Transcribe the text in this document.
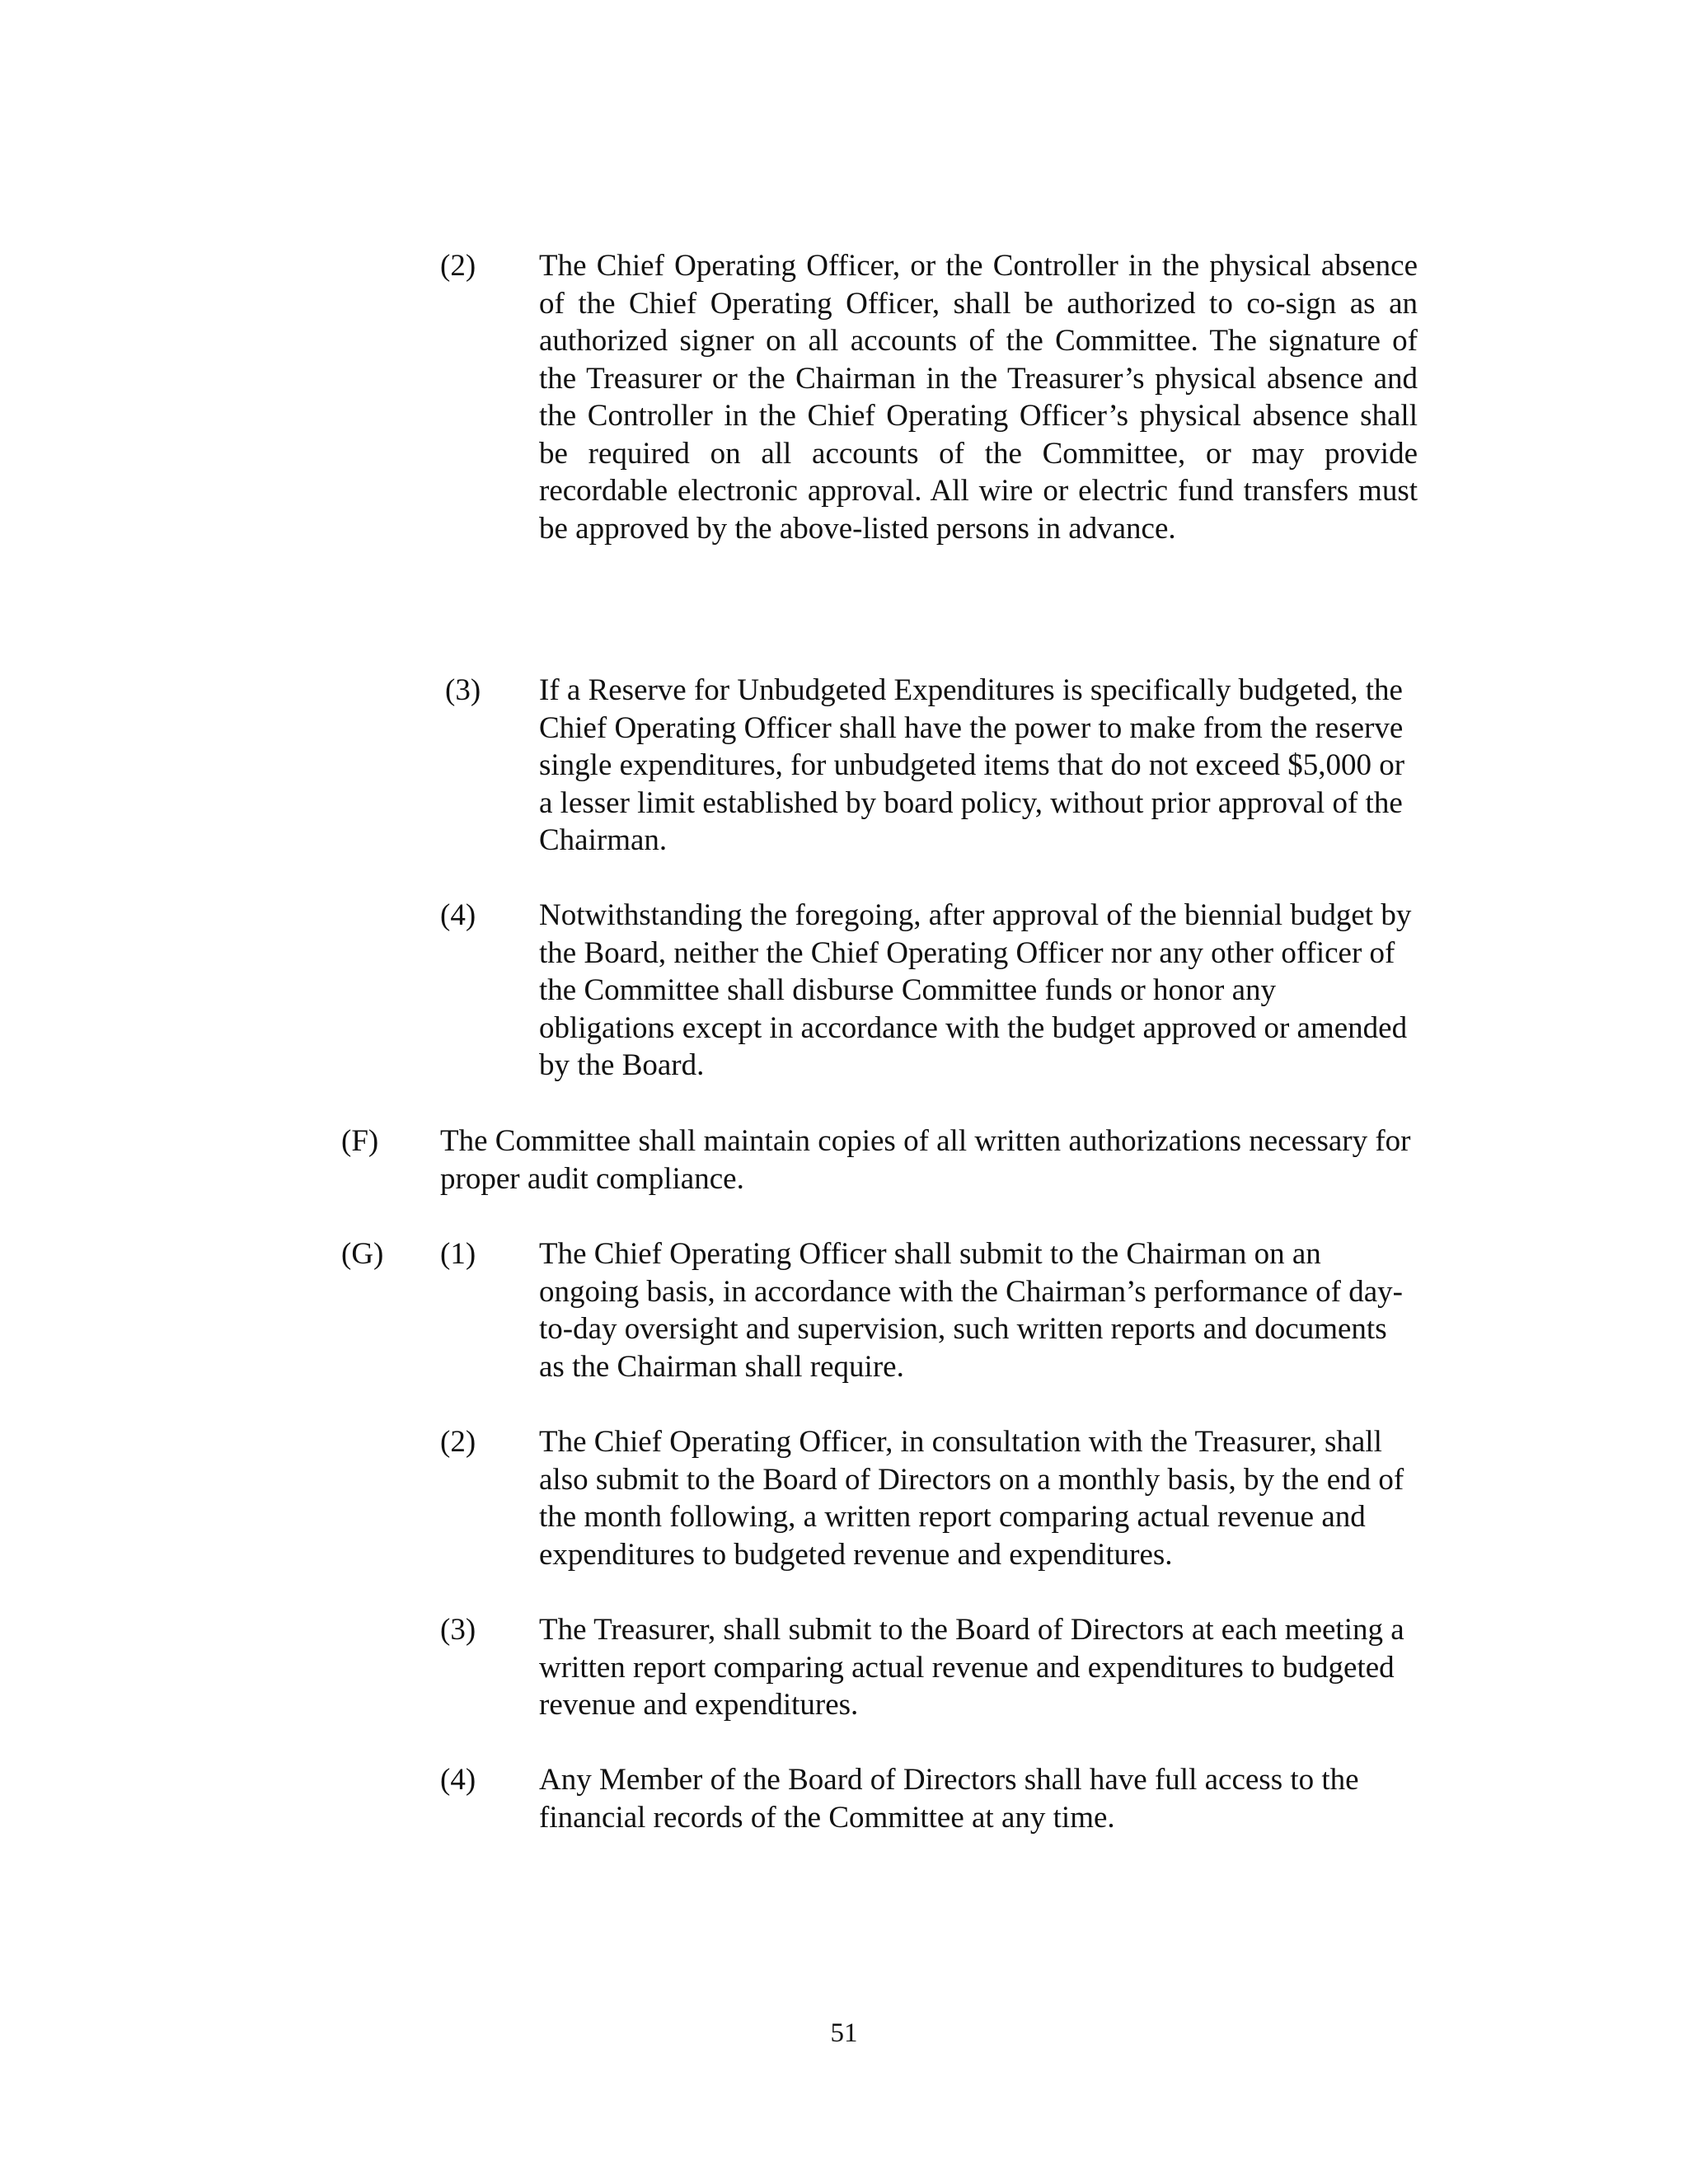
(2) The Chief Operating Officer, or the Controller in the physical absence of the Chief Operating Officer, shall be authorized to co-sign as an authorized signer on all accounts of the Committee. The signature of the Treasurer or the Chairman in the Treasurer’s physical absence and the Controller in the Chief Operating Officer’s physical absence shall be required on all accounts of the Committee, or may provide recordable electronic approval. All wire or electric fund transfers must be approved by the above-listed persons in advance.

(3) If a Reserve for Unbudgeted Expenditures is specifically budgeted, the Chief Operating Officer shall have the power to make from the reserve single expenditures, for unbudgeted items that do not exceed $5,000 or a lesser limit established by board policy, without prior approval of the Chairman.

(4) Notwithstanding the foregoing, after approval of the biennial budget by the Board, neither the Chief Operating Officer nor any other officer of the Committee shall disburse Committee funds or honor any obligations except in accordance with the budget approved or amended by the Board.

(F) The Committee shall maintain copies of all written authorizations necessary for proper audit compliance.

(G) (1) The Chief Operating Officer shall submit to the Chairman on an ongoing basis, in accordance with the Chairman’s performance of day-to-day oversight and supervision, such written reports and documents as the Chairman shall require.

(2) The Chief Operating Officer, in consultation with the Treasurer, shall also submit to the Board of Directors on a monthly basis, by the end of the month following, a written report comparing actual revenue and expenditures to budgeted revenue and expenditures.

(3) The Treasurer, shall submit to the Board of Directors at each meeting a written report comparing actual revenue and expenditures to budgeted revenue and expenditures.

(4) Any Member of the Board of Directors shall have full access to the financial records of the Committee at any time.

51
